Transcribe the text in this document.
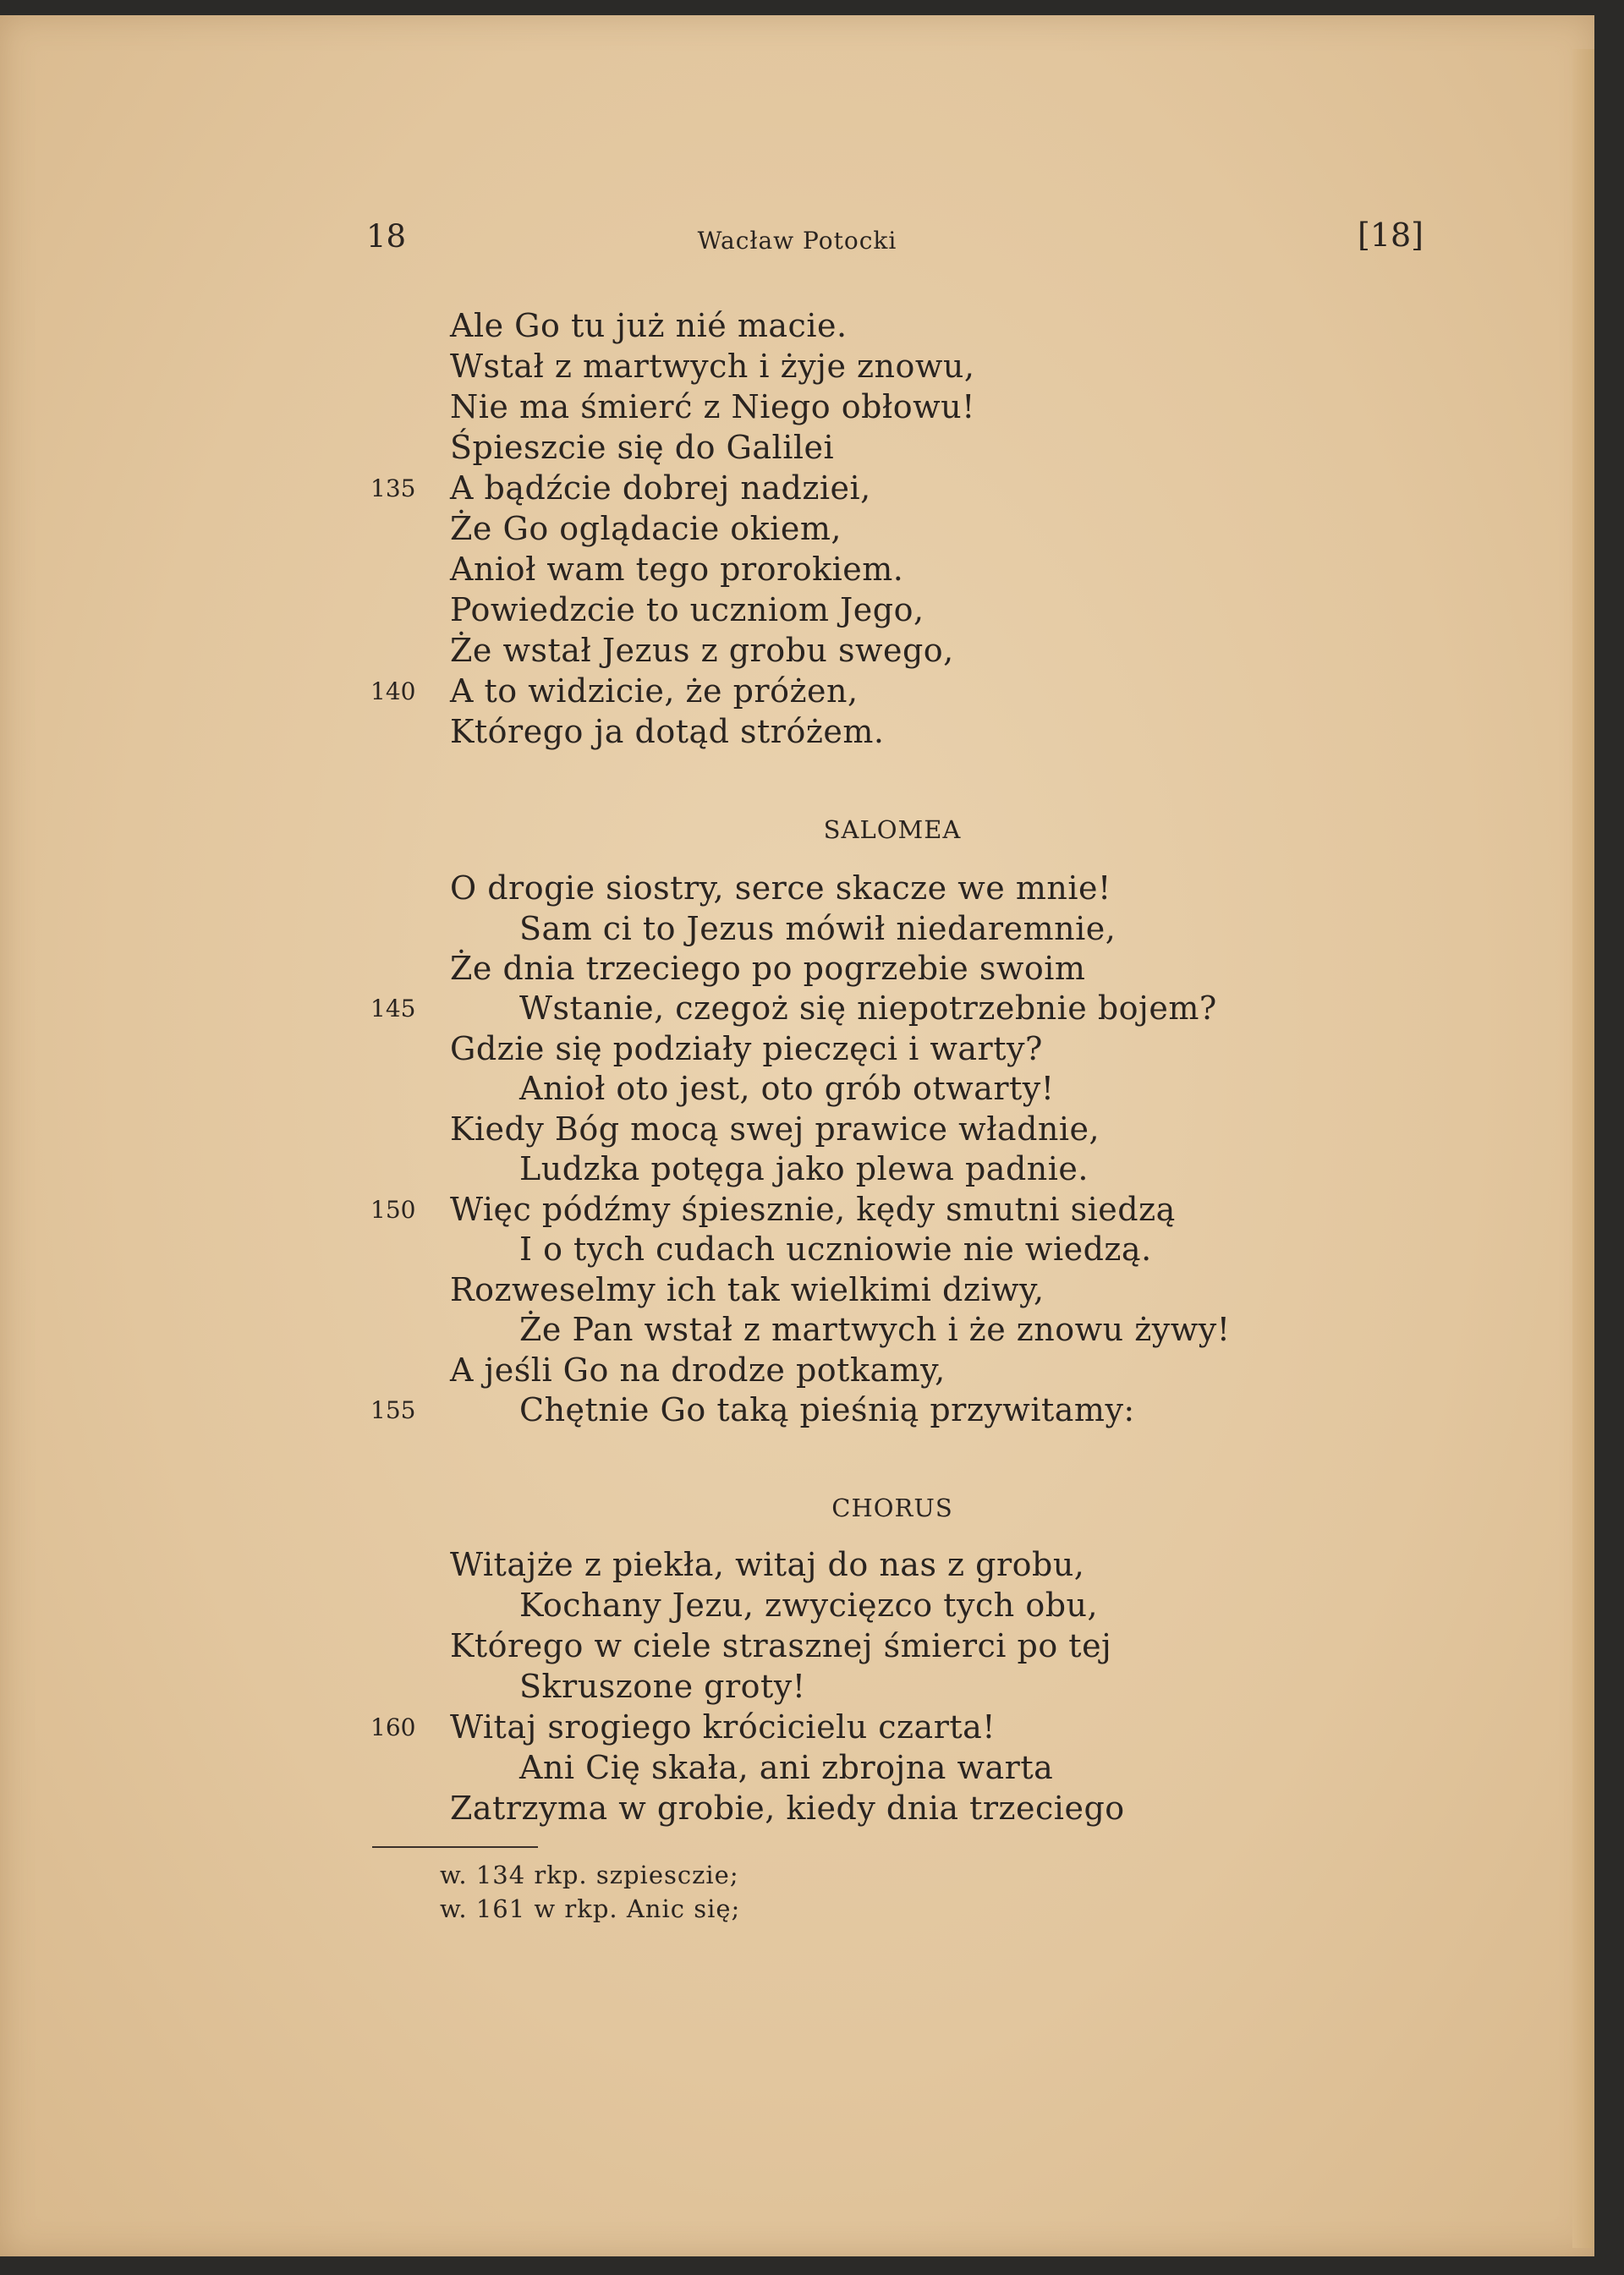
18	Wacław Potocki	[18]
Ale Go tu już nié macie.
Wstał z martwych i żyje znowu,
Nie ma śmierć z Niego obłowu!
Śpieszcie się do Galilei
135 A bądźcie dobrej nadziei,
Że Go oglądacie okiem,
Anioł wam tego prorokiem.
Powiedzcie to uczniom Jego,
Że wstał Jezus z grobu swego,
140 A to widzicie, że próżen,
Którego ja dotąd stróżem.
SALOMEA
O drogie siostry, serce skacze we mnie!
Sam ci to Jezus mówił niedaremnie,
Że dnia trzeciego po pogrzebie swoim
145	Wstanie, czegoż się niepotrzebnie bojem?
Gdzie się podziały pieczęci i warty?
Anioł oto jest, oto grób otwarty!
Kiedy Bóg mocą swej prawice władnie,
Ludzka potęga jako plewa padnie.
150 Więc pódźmy śpiesznie, kędy smutni siedzą
I o tych cudach uczniowie nie wiedzą.
Rozweselmy ich tak wielkimi dziwy,
Że Pan wstał z martwych i że znowu żywy!
A jeśli Go na drodze potkamy,
155	Chętnie Go taką pieśnią przywitamy:
CHORUS
Witajże z piekła, witaj do nas z grobu,
Kochany Jezu, zwycięzco tych obu,
Którego w ciele strasznej śmierci po tej
Skruszone groty!
160 Witaj srogiego krócicielu czarta!
Ani Cię skała, ani zbrojna warta
Zatrzyma w grobie, kiedy dnia trzeciego
w. 134 rkp. szpiesczie;
w. 161 w rkp. Anic się;
